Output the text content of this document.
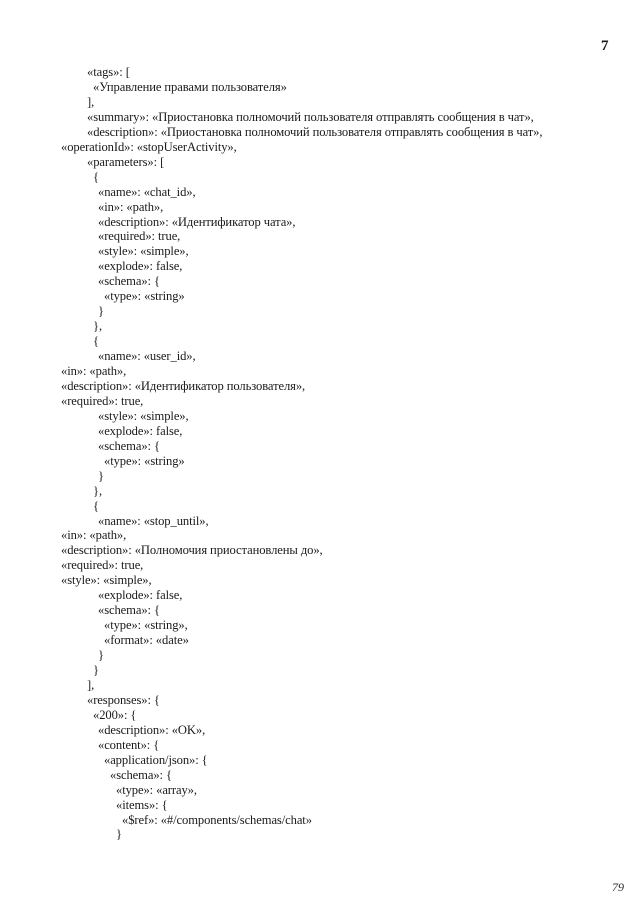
7
«tags»: [
«Управление правами пользователя»
],
«summary»: «Приостановка полномочий пользователя отправлять сообщения в чат»,
«description»: «Приостановка полномочий пользователя отправлять сообщения в чат»,
«operationId»: «stopUserActivity»,
«parameters»: [
{
«name»: «chat_id»,
«in»: «path»,
«description»: «Идентификатор чата»,
«required»: true,
«style»: «simple»,
«explode»: false,
«schema»: {
«type»: «string»
}
},
{
«name»: «user_id»,
«in»: «path»,
«description»: «Идентификатор пользователя»,
«required»: true,
«style»: «simple»,
«explode»: false,
«schema»: {
«type»: «string»
}
},
{
«name»: «stop_until»,
«in»: «path»,
«description»: «Полномочия приостановлены до»,
«required»: true,
«style»: «simple»,
«explode»: false,
«schema»: {
«type»: «string»,
«format»: «date»
}
}
],
«responses»: {
«200»: {
«description»: «OK»,
«content»: {
«application/json»: {
«schema»: {
«type»: «array»,
«items»: {
«$ref»: «#/components/schemas/chat»
}
79
